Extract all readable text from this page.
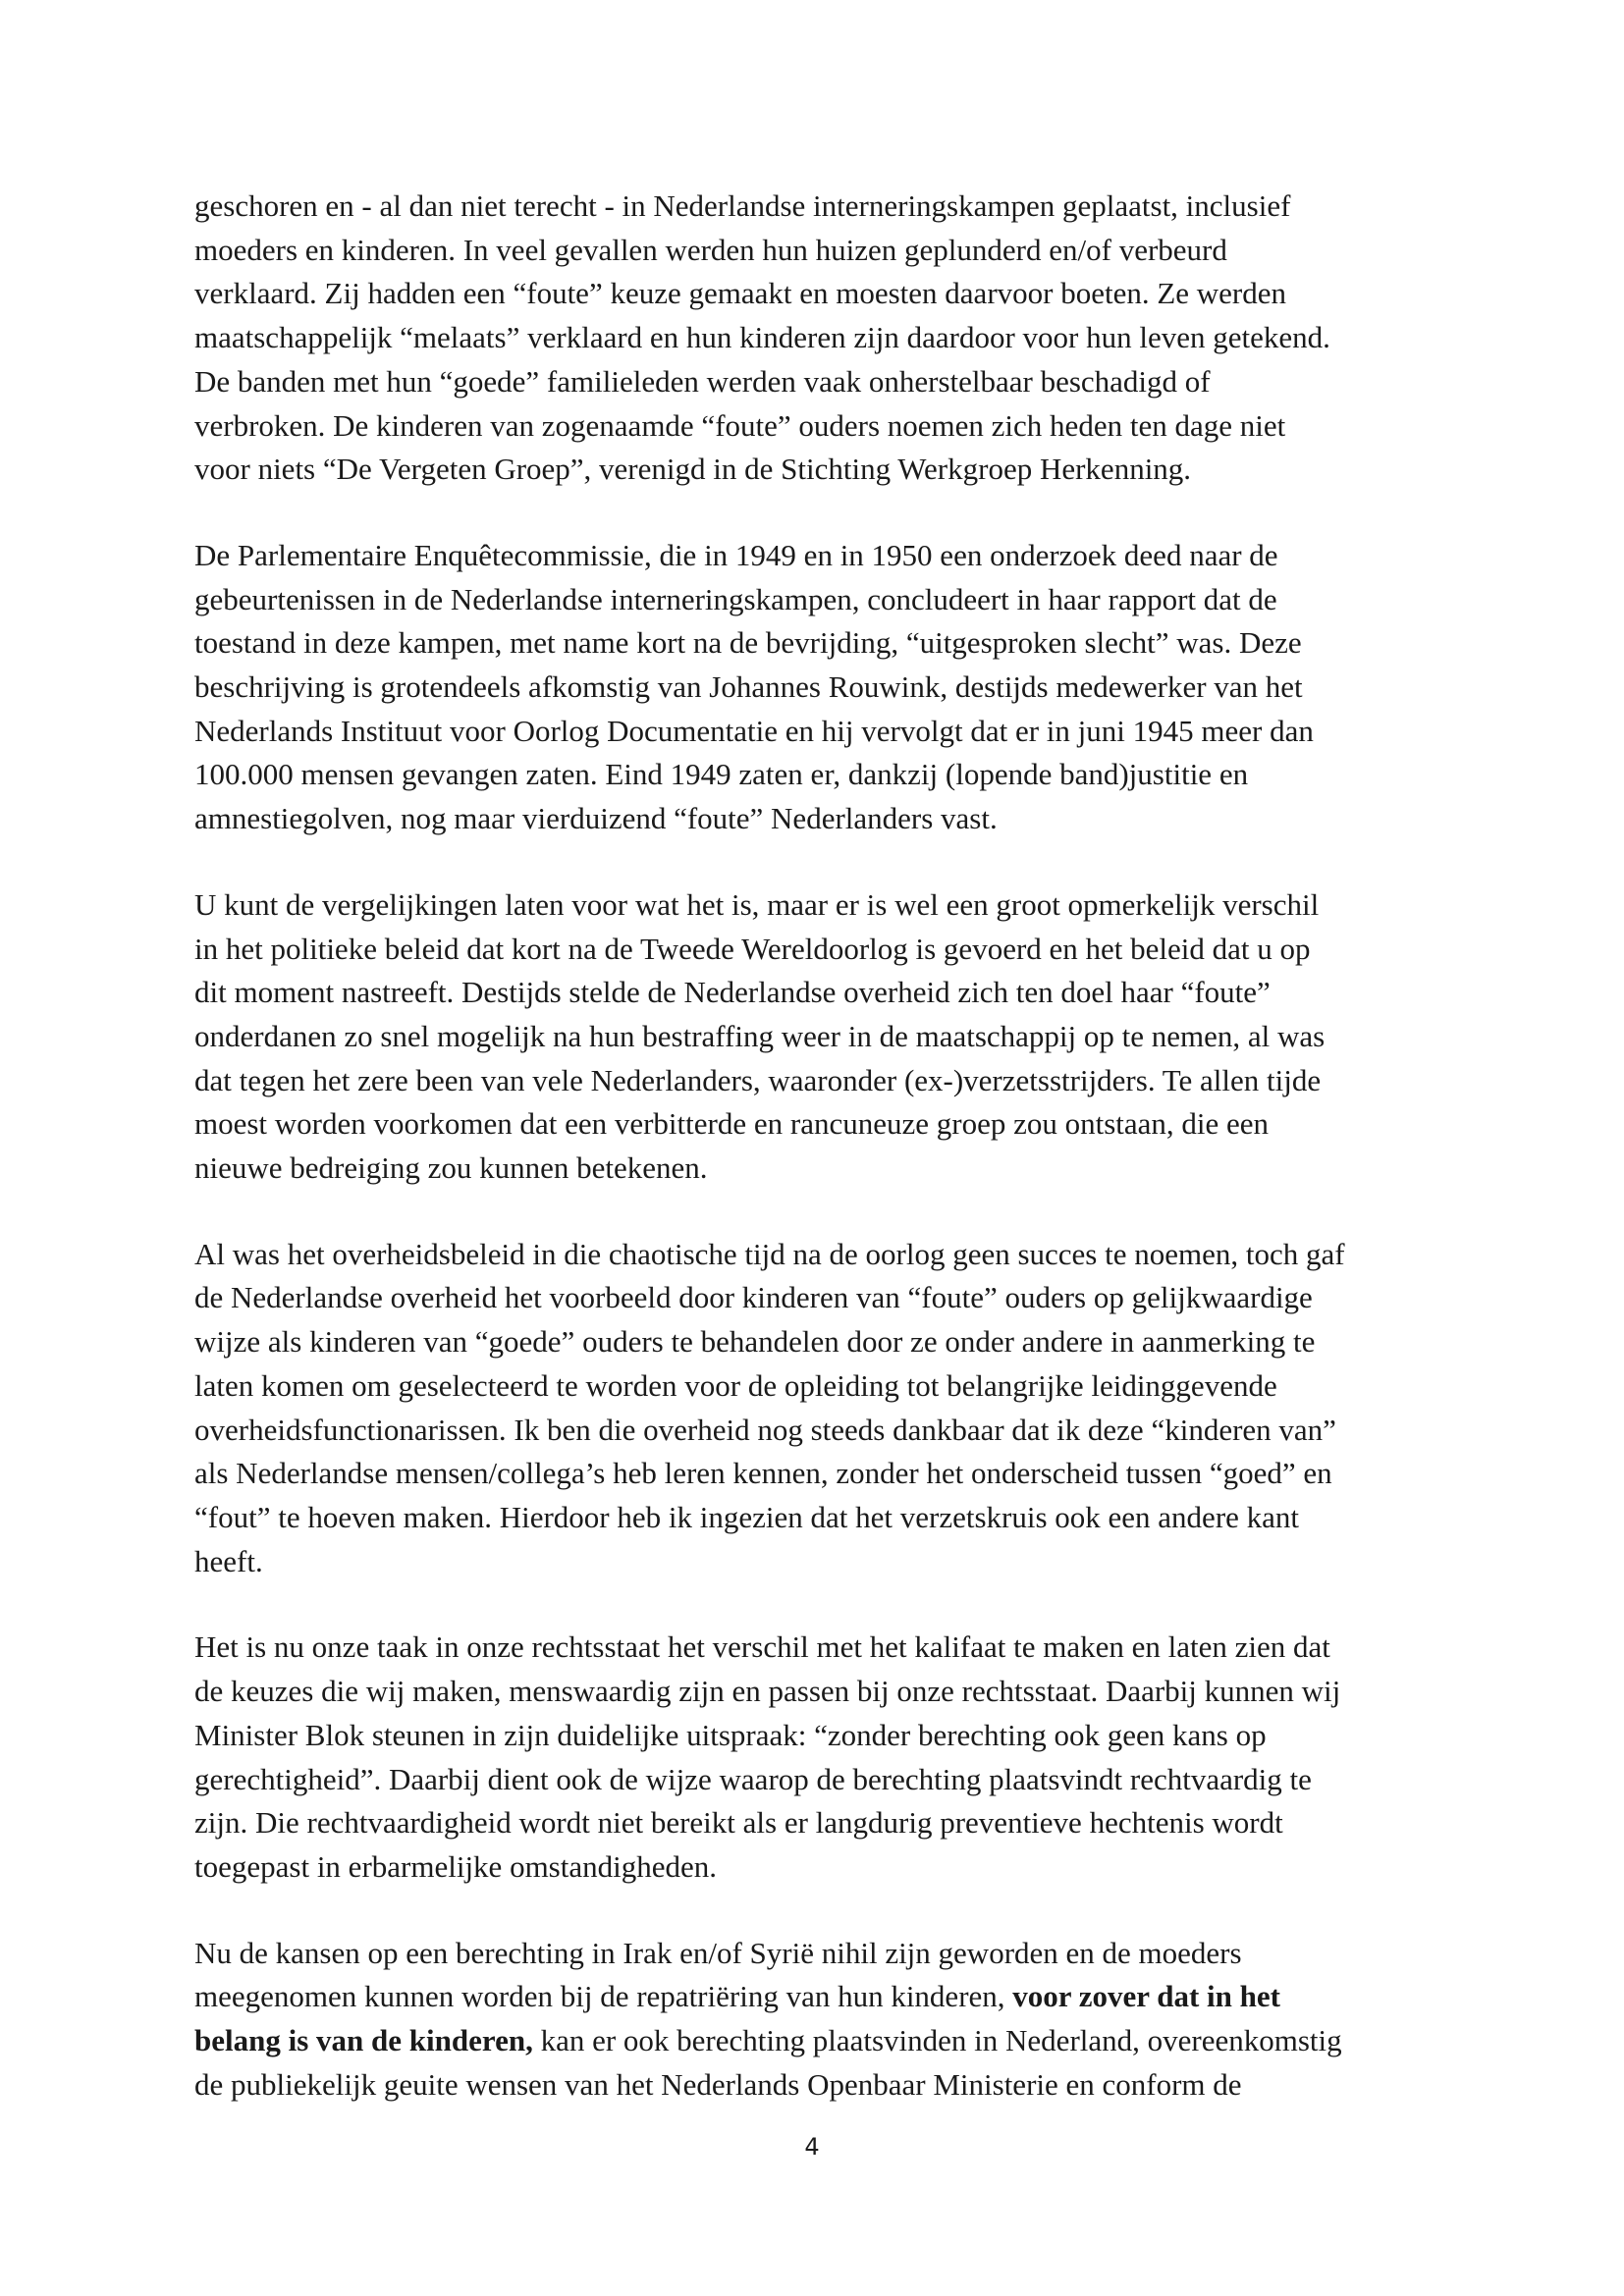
geschoren en - al dan niet terecht - in Nederlandse interneringskampen geplaatst, inclusief
moeders en kinderen. In veel gevallen werden hun huizen geplunderd en/of verbeurd
verklaard. Zij hadden een “foute” keuze gemaakt en moesten daarvoor boeten. Ze werden
maatschappelijk “melaats” verklaard en hun kinderen zijn daardoor voor hun leven getekend.
De banden met hun “goede” familieleden werden vaak onherstelbaar beschadigd of
verbroken. De kinderen van zogenaamde “foute” ouders noemen zich heden ten dage niet
voor niets “De Vergeten Groep”, verenigd in de Stichting Werkgroep Herkenning.

De Parlementaire Enquêtecommissie, die in 1949 en in 1950 een onderzoek deed naar de
gebeurtenissen in de Nederlandse interneringskampen, concludeert in haar rapport dat de
toestand in deze kampen, met name kort na de bevrijding, “uitgesproken slecht” was. Deze
beschrijving is grotendeels afkomstig van Johannes Rouwink, destijds medewerker van het
Nederlands Instituut voor Oorlog Documentatie en hij vervolgt dat er in juni 1945 meer dan
100.000 mensen gevangen zaten. Eind 1949 zaten er, dankzij (lopende band)justitie en
amnestiegolven, nog maar vierduizend “foute” Nederlanders vast.

U kunt de vergelijkingen laten voor wat het is, maar er is wel een groot opmerkelijk verschil
in het politieke beleid dat kort na de Tweede Wereldoorlog is gevoerd en het beleid dat u op
dit moment nastreeft. Destijds stelde de Nederlandse overheid zich ten doel haar “foute”
onderdanen zo snel mogelijk na hun bestraffing weer in de maatschappij op te nemen, al was
dat tegen het zere been van vele Nederlanders, waaronder (ex-)verzetsstrijders. Te allen tijde
moest worden voorkomen dat een verbitterde en rancuneuze groep zou ontstaan, die een
nieuwe bedreiging zou kunnen betekenen.

Al was het overheidsbeleid in die chaotische tijd na de oorlog geen succes te noemen, toch gaf
de Nederlandse overheid het voorbeeld door kinderen van “foute” ouders op gelijkwaardige
wijze als kinderen van “goede” ouders te behandelen door ze onder andere in aanmerking te
laten komen om geselecteerd te worden voor de opleiding tot belangrijke leidinggevende
overheidsfunctionarissen. Ik ben die overheid nog steeds dankbaar dat ik deze “kinderen van”
als Nederlandse mensen/collega’s heb leren kennen, zonder het onderscheid tussen “goed” en
“fout” te hoeven maken. Hierdoor heb ik ingezien dat het verzetskruis ook een andere kant
heeft.

Het is nu onze taak in onze rechtsstaat het verschil met het kalifaat te maken en laten zien dat
de keuzes die wij maken, menswaardig zijn en passen bij onze rechtsstaat. Daarbij kunnen wij
Minister Blok steunen in zijn duidelijke uitspraak: “zonder berechting ook geen kans op
gerechtigheid”. Daarbij dient ook de wijze waarop de berechting plaatsvindt rechtvaardig te
zijn. Die rechtvaardigheid wordt niet bereikt als er langdurig preventieve hechtenis wordt
toegepast in erbarmelijke omstandigheden.

Nu de kansen op een berechting in Irak en/of Syrië nihil zijn geworden en de moeders
meegenomen kunnen worden bij de repatriëring van hun kinderen, voor zover dat in het
belang is van de kinderen, kan er ook berechting plaatsvinden in Nederland, overeenkomstig
de publiekelijk geuite wensen van het Nederlands Openbaar Ministerie en conform de

4
